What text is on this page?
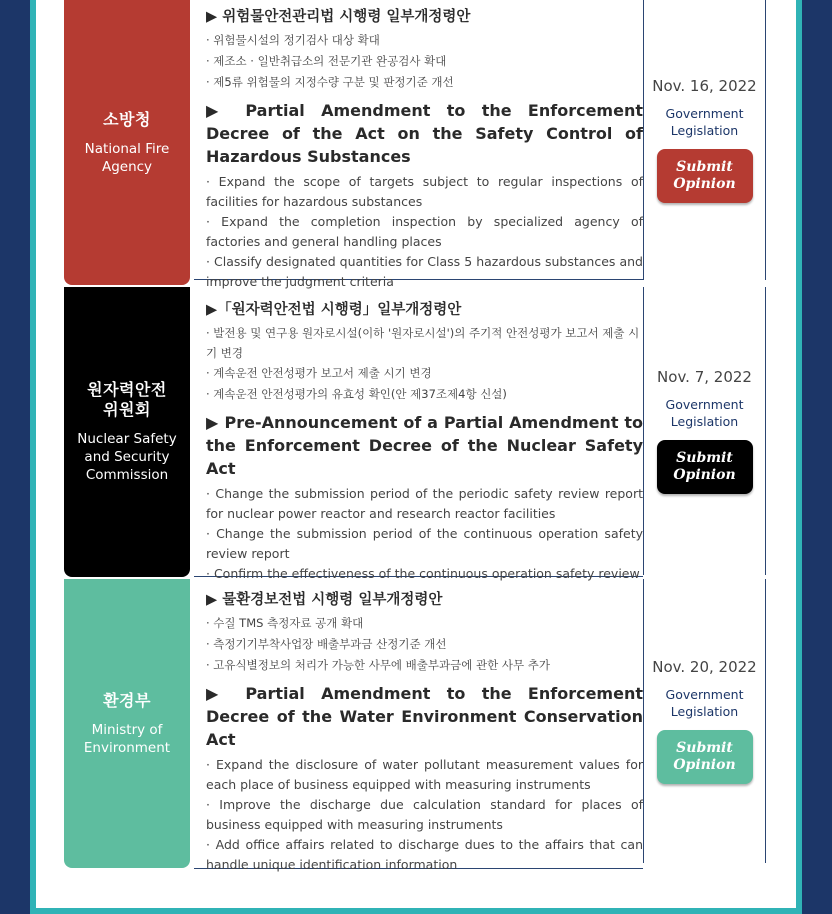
소방청
National Fire Agency
▶ 위험물안전관리법 시행령 일부개정령안
· 위험물시설의 정기검사 대상 확대
· 제조소 · 일반취급소의 전문기관 완공검사 확대
· 제5류 위험물의 지정수량 구분 및 판정기준 개선
▶ Partial Amendment to the Enforcement Decree of the Act on the Safety Control of Hazardous Substances
· Expand the scope of targets subject to regular inspections of facilities for hazardous substances
· Expand the completion inspection by specialized agency of factories and general handling places
· Classify designated quantities for Class 5 hazardous substances and improve the judgment criteria
Nov. 16, 2022
Government Legislation
Submit
Opinion
원자력안전 위원회
Nuclear Safety and Security Commission
▶「원자력안전법 시행령」일부개정령안
· 발전용 및 연구용 원자로시설(이하 '원자로시설')의 주기적 안전성평가 보고서 제출 시기 변경
· 계속운전 안전성평가 보고서 제출 시기 변경
· 계속운전 안전성평가의 유효성 확인(안 제37조제4항 신설)
▶ Pre-Announcement of a Partial Amendment to the Enforcement Decree of the Nuclear Safety Act
· Change the submission period of the periodic safety review report for nuclear power reactor and research reactor facilities
· Change the submission period of the continuous operation safety review report
· Confirm the effectiveness of the continuous operation safety review
Nov. 7, 2022
Government Legislation
Submit
Opinion
환경부
Ministry of Environment
▶ 물환경보전법 시행령 일부개정령안
· 수질 TMS 측정자료 공개 확대
· 측정기기부착사업장 배출부과금 산정기준 개선
· 고유식별정보의 처리가 가능한 사무에 배출부과금에 관한 사무 추가
▶ Partial Amendment to the Enforcement Decree of the Water Environment Conservation Act
· Expand the disclosure of water pollutant measurement values for each place of business equipped with measuring instruments
· Improve the discharge due calculation standard for places of business equipped with measuring instruments
· Add office affairs related to discharge dues to the affairs that can handle unique identification information
Nov. 20, 2022
Government Legislation
Submit
Opinion
